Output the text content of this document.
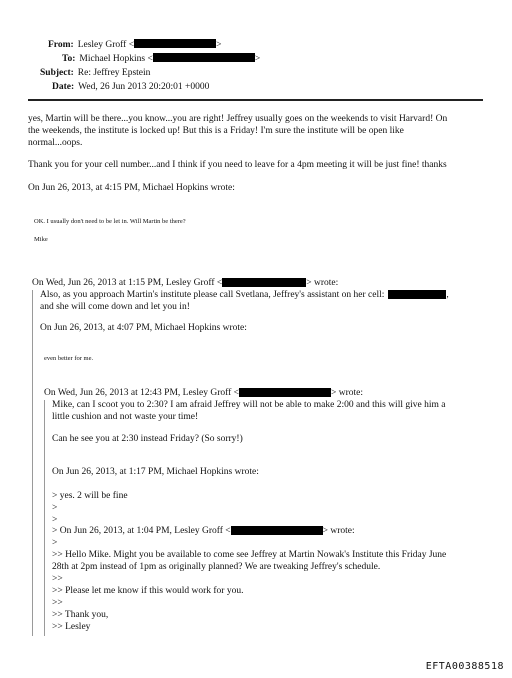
From: Lesley Groff <	>
To: Michael Hopkins <	>
Subject: Re: Jeffrey Epstein
Date: Wed, 26 Jun 2013 20:20:01 +0000
yes, Martin will be there...you know...you are right! Jeffrey usually goes on the weekends to visit Harvard! On
the weekends, the institute is locked up! But this is a Friday! I'm sure the institute will be open like
normal...oops.
Thank you for your cell number...and I think if you need to leave for a 4pm meeting it will be just fine! thanks
On Jun 26, 2013, at 4:15 PM, Michael Hopkins wrote:
OK. I usually don't need to be let in. Will Martin be there?
Mike
On Wed, Jun 26, 2013 at 1:15 PM, Lesley Groff <	> wrote:
Also, as you approach Martin's institute please call Svetlana, Jeffrey's assistant on her cell:	,
and she will come down and let you in!
On Jun 26, 2013, at 4:07 PM, Michael Hopkins wrote:
even better for me.
On Wed, Jun 26, 2013 at 12:43 PM, Lesley Groff <	> wrote:
Mike, can I scoot you to 2:30? I am afraid Jeffrey will not be able to make 2:00 and this will give him a
little cushion and not waste your time!
Can he see you at 2:30 instead Friday? (So sorry!)
On Jun 26, 2013, at 1:17 PM, Michael Hopkins wrote:
> yes. 2 will be fine
>
>
> On Jun 26, 2013, at 1:04 PM, Lesley Groff <	> wrote:
>
>> Hello Mike. Might you be available to come see Jeffrey at Martin Nowak's Institute this Friday June
28th at 2pm instead of 1pm as originally planned? We are tweaking Jeffrey's schedule.
>>
>> Please let me know if this would work for you.
>>
>> Thank you,
>> Lesley
EFTA00388518
